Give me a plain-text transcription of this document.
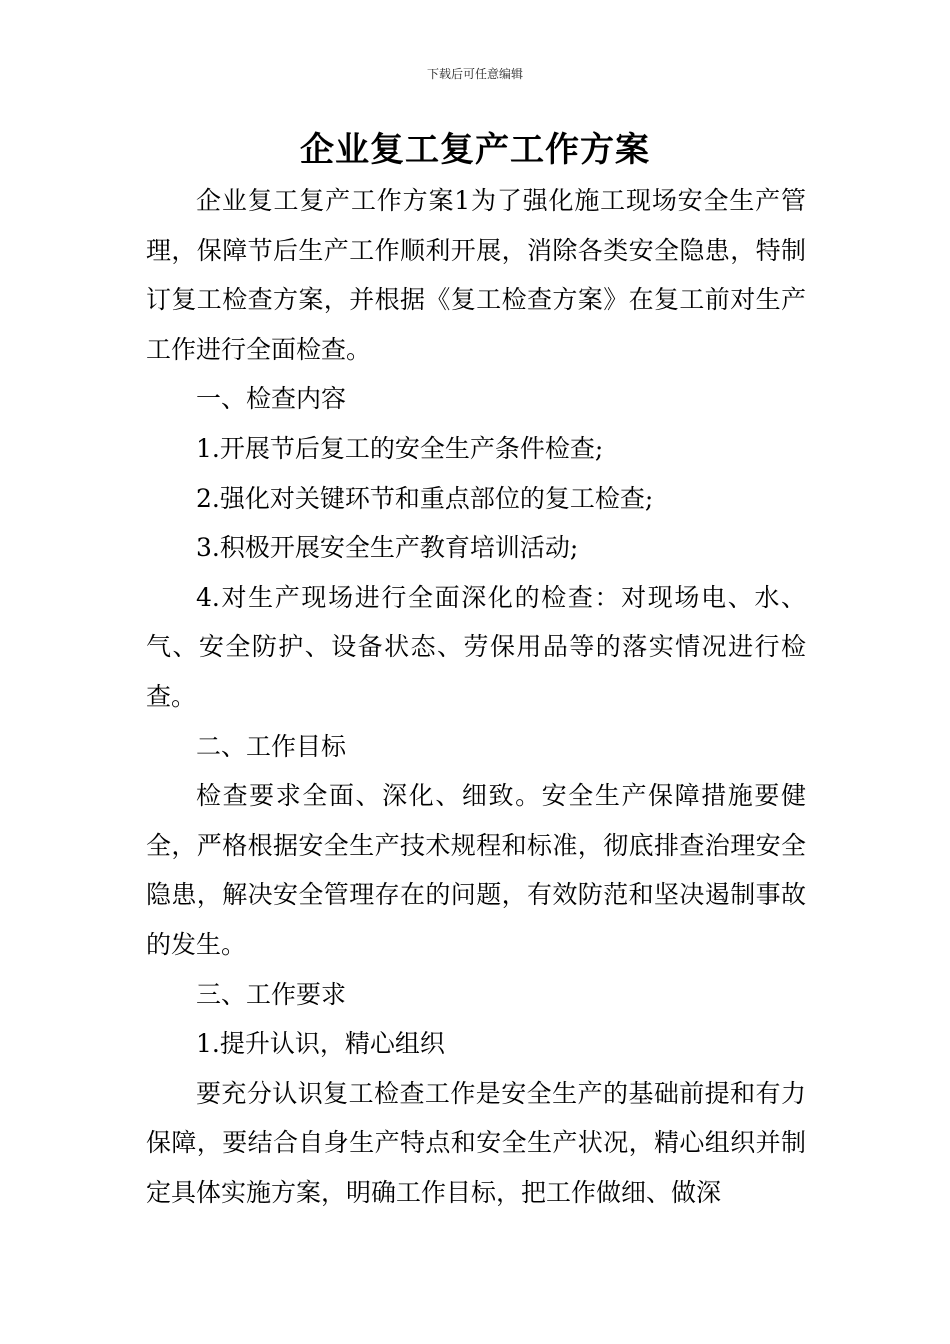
下载后可任意编辑
企业复工复产工作方案

企业复工复产工作方案1为了强化施工现场安全生产管理，保障节后生产工作顺利开展，消除各类安全隐患，特制订复工检查方案，并根据《复工检查方案》在复工前对生产工作进行全面检查。

一、检查内容

1.开展节后复工的安全生产条件检查;

2.强化对关键环节和重点部位的复工检查;

3.积极开展安全生产教育培训活动;

4.对生产现场进行全面深化的检查：对现场电、水、气、安全防护、设备状态、劳保用品等的落实情况进行检查。

二、工作目标

检查要求全面、深化、细致。安全生产保障措施要健全，严格根据安全生产技术规程和标准，彻底排查治理安全隐患，解决安全管理存在的问题，有效防范和坚决遏制事故的发生。

三、工作要求

1.提升认识，精心组织

要充分认识复工检查工作是安全生产的基础前提和有力保障，要结合自身生产特点和安全生产状况，精心组织并制定具体实施方案，明确工作目标，把工作做细、做深
